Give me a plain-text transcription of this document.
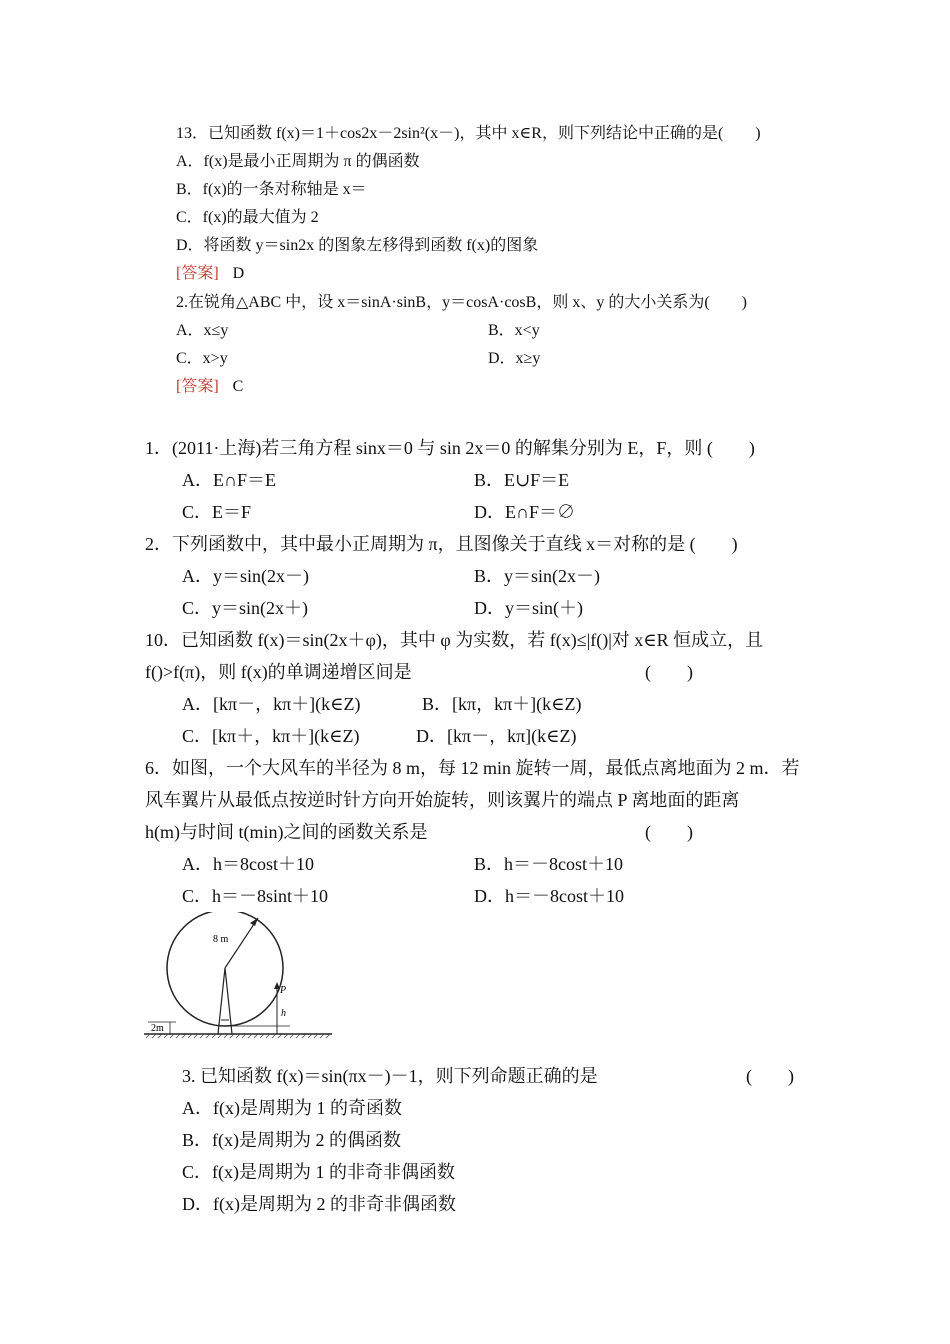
13．已知函数 f(x)＝1＋cos2x－2sin²(x－)，其中 x∈R，则下列结论中正确的是(　　)
A．f(x)是最小正周期为 π 的偶函数
B．f(x)的一条对称轴是 x＝
C．f(x)的最大值为 2
D．将函数 y＝sin2x 的图象左移得到函数 f(x)的图象
[答案] D
2.在锐角△ABC 中，设 x＝sinA·sinB，y＝cosA·cosB，则 x、y 的大小关系为(　　)
A．x≤y	B．x<y
C．x>y	D．x≥y
[答案] C
1．(2011·上海)若三角方程 sinx＝0 与 sin 2x＝0 的解集分别为 E，F，则 (　　)
A．E∩F＝E	B．E∪F＝E
C．E＝F	D．E∩F＝∅
2．下列函数中，其中最小正周期为 π，且图像关于直线 x＝对称的是 (　　)
A．y＝sin(2x－)	B．y＝sin(2x－)
C．y＝sin(2x＋)	D．y＝sin(＋)
10．已知函数 f(x)＝sin(2x＋φ)，其中 φ 为实数，若 f(x)≤|f()|对 x∈R 恒成立，且
f()>f(π)，则 f(x)的单调递增区间是	(　　)
A．[kπ－，kπ＋](k∈Z)	B．[kπ，kπ＋](k∈Z)
C．[kπ＋，kπ＋](k∈Z)	D．[kπ－，kπ](k∈Z)
6．如图，一个大风车的半径为 8 m，每 12 min 旋转一周，最低点离地面为 2 m．若
风车翼片从最低点按逆时针方向开始旋转，则该翼片的端点 P 离地面的距离
h(m)与时间 t(min)之间的函数关系是	(　　)
A．h＝8cost＋10	B．h＝－8cost＋10
C．h＝－8sint＋10	D．h＝－8cost＋10
8 m
P
h
2m
3. 已知函数 f(x)＝sin(πx－)－1，则下列命题正确的是	(　　)
A．f(x)是周期为 1 的奇函数
B．f(x)是周期为 2 的偶函数
C．f(x)是周期为 1 的非奇非偶函数
D．f(x)是周期为 2 的非奇非偶函数
